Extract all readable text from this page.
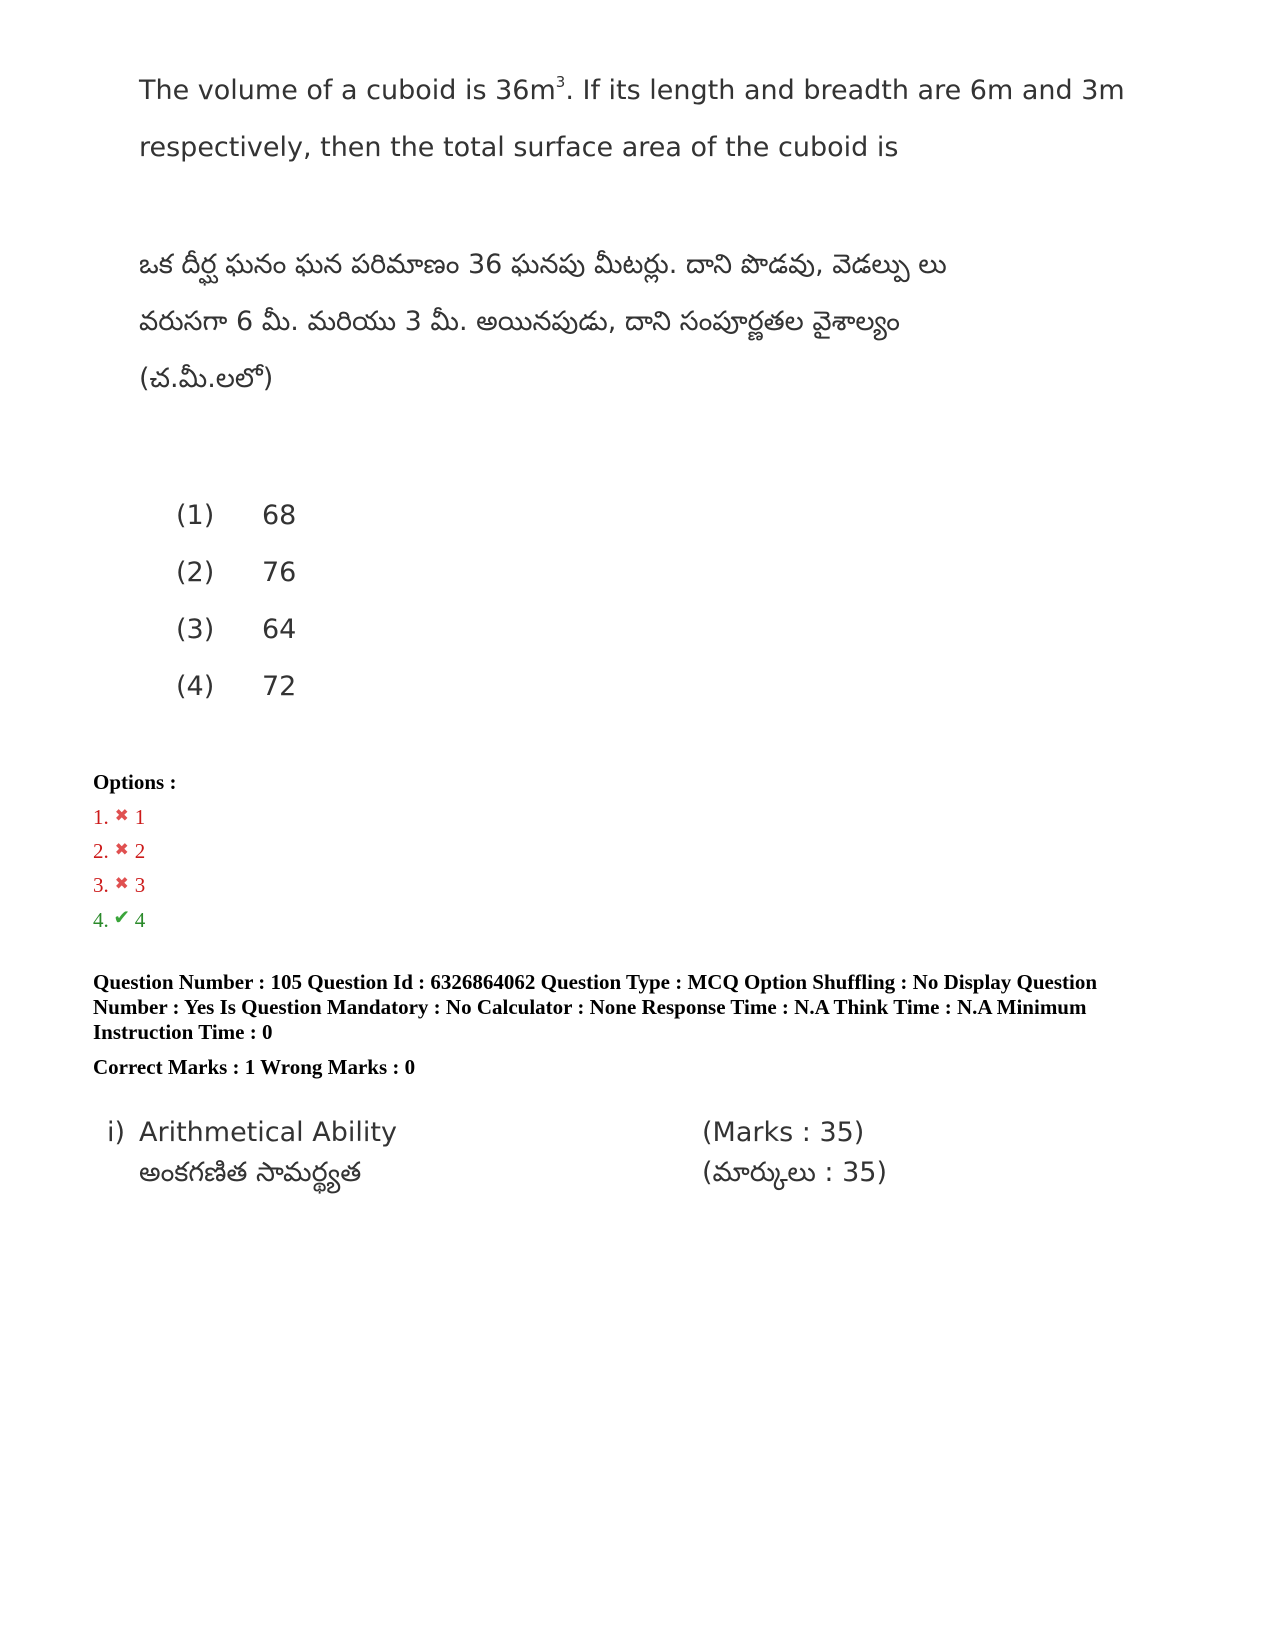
The volume of a cuboid is $36m^3$. If its length and breadth are 6m and 3m
respectively, then the total surface area of the cuboid is
ఒక దీర్ఘ ఘనం ఘన పరిమాణం 36 ఘనపు మీటర్లు. దాని పొడవు, వెడల్పు లు
వరుసగా 6 మీ. మరియు 3 మీ. అయినపుడు, దాని సంపూర్ణతల వైశాల్యం
(చ.మీ.లలో)
(1)	68
(2)	76
(3)	64
(4)	72
Options :
1. ✖ 1
2. ✖ 2
3. ✖ 3
4. ✔ 4
Question Number : 105 Question Id : 6326864062 Question Type : MCQ Option Shuffling : No Display Question
Number : Yes Is Question Mandatory : No Calculator : None Response Time : N.A Think Time : N.A Minimum
Instruction Time : 0
Correct Marks : 1 Wrong Marks : 0
i) Arithmetical Ability	(Marks : 35)
అంకగణిత సామర్థ్యత	(మార్కులు : 35)
